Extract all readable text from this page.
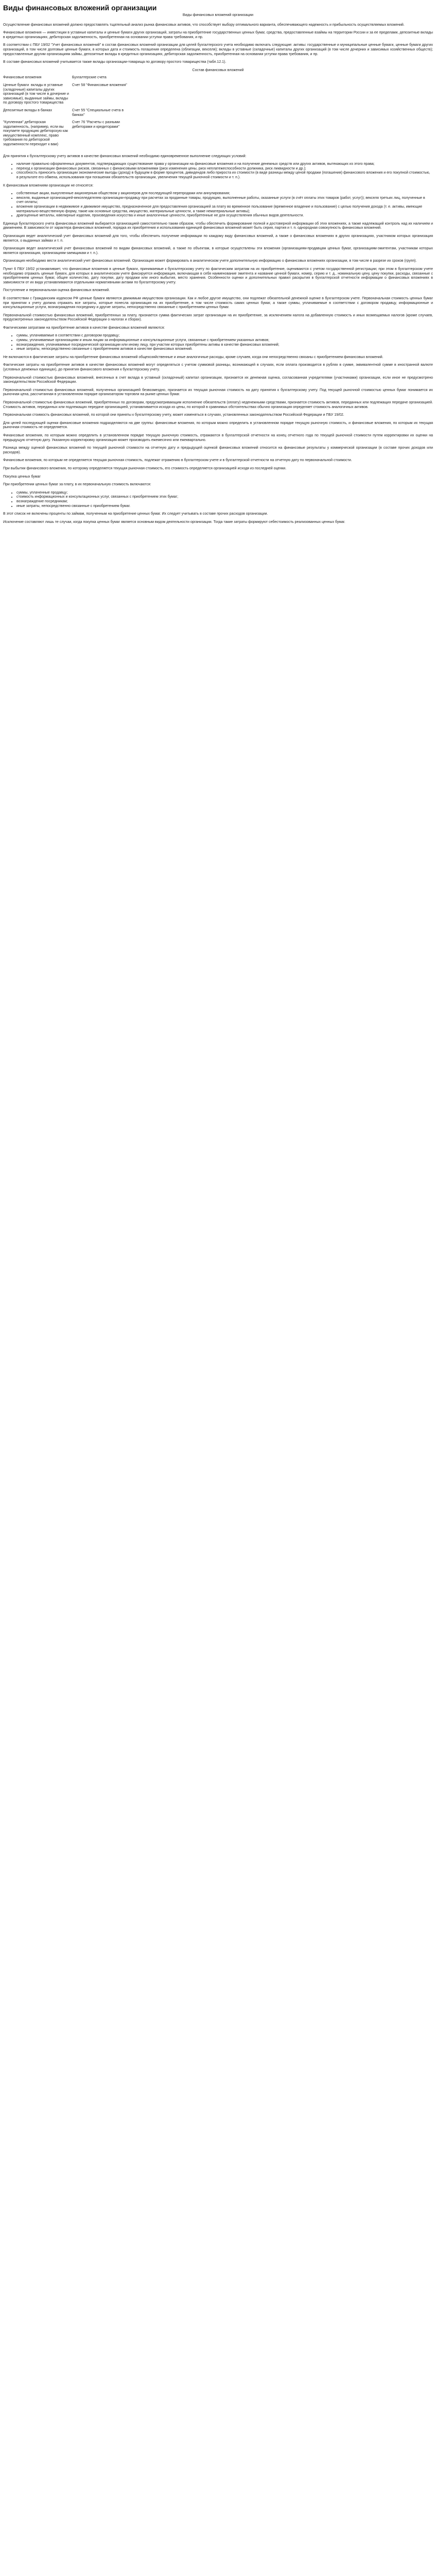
Виды финансовых вложений организации
Виды финансовых вложений организации

Осуществление финансовых вложений должно предоставлять тщательный анализ рынка финансовых активов, что способствует выбору оптимального варианта, обеспечивающего надежность и прибыльность осуществляемых вложений.

Финансовые вложения — инвестиции в уставные капиталы и ценные бумаги других организаций, затраты на приобретение государственных ценных бумаг, средства, предоставленные взаймы на территории России и за ее пределами, депозитные вклады в кредитных организациях, дебиторская задолженность, приобретенная на основании уступки права требования, и пр.

В соответствии с ПБУ 19/02 "Учет финансовых вложений" в состав финансовых вложений организации для целей бухгалтерского учета необходимо включать следующие: активы: государственные и муниципальные ценные бумаги, ценные бумаги других организаций, в том числе долговые ценные бумаги, в которых дата и стоимость погашения определена (облигации, векселя); вклады в уставные (складочные) капиталы других организаций (в том числе дочерних и зависимых хозяйственных обществ); предоставленные другим организациям займы, депозитные вклады в кредитных организациях, дебиторская задолженность, приобретенная на основании уступки права требования, и пр.

В составе финансовых вложений учитывается также вклады организации-товарища по договору простого товарищества (табл.12.1).

Состав финансовых вложений

Финансовые вложения	Бухгалтерские счета
Ценные бумаги  вклады в уставные (складочные) капиталы других организаций (в том числе в дочерние и зависимые), выданные займы, вклады по договору простого товарищества	Счет 58 "Финансовые вложения"
Депозитные вклады в банках	Счет 55 "Специальные счета в банках"
"Купленная" дебиторская задолженность, (например, если вы покупаете продукцию дебиторскую как имущественный комплекс, право требования по дебиторской задолженности переходит к вам)	Счет 76 "Расчеты с разными дебиторами и кредиторами"

Для принятия к бухгалтерскому учету активов в качестве финансовых вложений необходимо единовременное выполнение следующих условий:

• наличие правильно оформленных документов, подтверждающих существование права у организации на финансовые вложения и на получение денежных средств или других активов, вытекающих из этого права;
• переход к организации финансовых рисков, связанных с финансовыми вложениями (риск изменения цены, риск неплатежеспособности должника, риск ликвидности и др.);
• способность приносить организации экономические выгоды (доход) в будущем в форме процентов, дивидендов либо прироста их стоимости (в виде разницы между ценой продажи (погашения) финансового вложения и его покупной стоимостью, в результате его обмена, использования при погашении обязательств организации, увеличения текущей рыночной стоимости и т. п.).

К финансовым вложениям организации не относятся:

• собственные акции, выкупленные акционерным обществом у акционеров для последующей перепродажи или аннулирования;
• векселя, выданные организацией-векселедателем организации-продавцу при расчетах за проданные товары, продукцию, выполненные работы, оказанные услуги (в счёт оплаты этих товаров (работ, услуг)); векселя третьих лиц, полученные в счет оплаты;
• вложения организации в недвижимое и движимое имущество, предназначенное для предоставления организацией за плату во временное пользование (временное владение и пользование) с целью получения дохода (т. е. активы, имеющие материально-вещественную форму, такие как основные средства, имущество, материальные ценности, а также нематериальные активы);
• драгоценные металлы, ювелирные изделия, произведения искусства и иные аналогичные ценности, приобретенные не для осуществления обычных видов деятельности.

Единица бухгалтерского учета финансовых вложений выбирается организацией самостоятельно таким образом, чтобы обеспечить формирование полной и достоверной информации об этих вложениях, а также надлежащий контроль над их наличием и движением. В зависимости от характера финансовых вложений, порядка их приобретения и использования единицей финансовых вложений может быть серия, партия и т. п. однородная совокупность финансовых вложений.

Организация ведет аналитический учет финансовых вложений для того, чтобы обеспечить получение информации по каждому виду финансовых вложений, а также о финансовых вложениях в других организациях, участником которых организация является, о выданных займах и т. п.

Организация ведет аналитический учет финансовых вложений по видам финансовых вложений, а также по объектам, в которые осуществлены эти вложения (организациям-продавцам ценных бумаг, организациям-эмитентам, участникам которых является организация, организациям-заемщикам и т. п.).

Организация необходимо вести аналитический учет финансовых вложений. Организация может формировать в аналитическом учете дополнительную информацию о финансовых вложениях организации, в том числе в разрезе их сроков (групп).

Пункт 6 ПБУ 19/02 устанавливает, что финансовые вложения в ценные бумаги, принимаемые к бухгалтерскому учету по фактическим затратам на их приобретение, оцениваются с учетом государственной регистрации; при этом в бухгалтерском учете необходимо отражать ценные бумаги, для которых в аналитическом учете фиксируется информация, включающая в себя наименование эмитента и название ценной бумаги, номер, серию и т. д., номинальную цену, цену покупки, расходы, связанные с приобретением ценных бумаг, общее количество, дату покупки, дату продажи или иного выбытия, место хранения. Особенности оценки и дополнительных правил раскрытия в бухгалтерской отчетности информации о финансовых вложениях в зависимости от их вида устанавливаются отдельными нормативными актами по бухгалтерскому учету.

Поступление и первоначальная оценка финансовых вложений.

В соответствии с Гражданским кодексом РФ ценные бумаги являются движимым имуществом организации. Как и любое другое имущество, они подлежат обязательной денежной оценке в бухгалтерском учете. Первоначальная стоимость ценных бумаг при принятии к учету должна отражать все затраты, которые понесла организация на их приобретение, в том числе стоимость самих ценных бумаг, а также суммы, уплачиваемые в соответствии с договором продавцу, информационные и консультационные услуги, вознаграждения посреднику и другие затраты, непосредственно связанные с приобретением ценных бумаг.

Первоначальной стоимостью финансовых вложений, приобретенных за плату, признается сумма фактических затрат организации на их приобретение, за исключением налога на добавленную стоимость и иных возмещаемых налогов (кроме случаев, предусмотренных законодательством Российской Федерации о налогах и сборах).

Фактическими затратами на приобретение активов в качестве финансовых вложений являются:

• суммы, уплачиваемые в соответствии с договором продавцу;
• суммы, уплачиваемые организациям и иным лицам за информационные и консультационные услуги, связанные с приобретением указанных активов;
• вознаграждения, уплачиваемые посреднической организации или иному лицу, при участии которых приобретены активы в качестве финансовых вложений;
• иные затраты, непосредственно связанные с приобретением активов в качестве финансовых вложений.

Не включаются в фактические затраты на приобретение финансовых вложений общехозяйственные и иные аналогичные расходы, кроме случаев, когда они непосредственно связаны с приобретением финансовых вложений.

Фактические затраты на приобретение активов в качестве финансовых вложений могут определяться с учетом суммовой разницы, возникающей в случаях, если оплата производится в рублях в сумме, эквивалентной сумме в иностранной валюте (условных денежных единицах), до принятия финансового вложения к бухгалтерскому учету.

Первоначальной стоимостью финансовых вложений, внесенных в счет вклада в уставный (складочный) капитал организации, признается их денежная оценка, согласованная учредителями (участниками) организации, если иное не предусмотрено законодательством Российской Федерации.

Первоначальной стоимостью финансовых вложений, полученных организацией безвозмездно, признается их текущая рыночная стоимость на дату принятия к бухгалтерскому учету. Под текущей рыночной стоимостью ценных бумаг понимается их рыночная цена, рассчитанная в установленном порядке организатором торговли на рынке ценных бумаг.

Первоначальной стоимостью финансовых вложений, приобретенных по договорам, предусматривающим исполнение обязательств (оплату) неденежными средствами, признается стоимость активов, переданных или подлежащих передаче организацией. Стоимость активов, переданных или подлежащих передаче организацией, устанавливается исходя из цены, по которой в сравнимых обстоятельствах обычно организация определяет стоимость аналогичных активов.

Первоначальная стоимость финансовых вложений, по которой они приняты к бухгалтерскому учету, может изменяться в случаях, установленных законодательством Российской Федерации и ПБУ 19/02.

Для целей последующей оценки финансовые вложения подразделяются на две группы: финансовые вложения, по которым можно определить в установленном порядке текущую рыночную стоимость, и финансовые вложения, по которым их текущая рыночная стоимость не определяется.

Финансовые вложения, по которым можно определить в установленном порядке текущую рыночную стоимость, отражаются в бухгалтерской отчетности на конец отчетного года по текущей рыночной стоимости путем корректировки их оценки на предыдущую отчетную дату. Указанную корректировку организация может производить ежемесячно или ежеквартально.

Разница между оценкой финансовых вложений по текущей рыночной стоимости на отчетную дату и предыдущей оценкой финансовых вложений относится на финансовые результаты у коммерческой организации (в составе прочих доходов или расходов).

Финансовые вложения, по которым не определяется текущая рыночная стоимость, подлежат отражению в бухгалтерском учете и в бухгалтерской отчетности на отчетную дату по первоначальной стоимости.

При выбытии финансового вложения, по которому определяется текущая рыночная стоимость, его стоимость определяется организацией исходя из последней оценки.

Покупка ценных бумаг

При приобретении ценных бумаг за плату, в их первоначальную стоимость включаются:

• суммы, уплаченные продавцу;
• стоимость информационных и консультационных услуг, связанных с приобретением этих бумаг;
• вознаграждение посредникам;
• иные затраты, непосредственно связанные с приобретением бумаг.

В этот список не включены проценты по займам, полученным на приобретение ценных бумаг. Их следует учитывать в составе прочих расходов организации.

Исключение составляют лишь те случаи, когда покупка ценных бумаг является основным видом деятельности организации. Тогда такие затраты формируют себестоимость реализованных ценных бумаг.
